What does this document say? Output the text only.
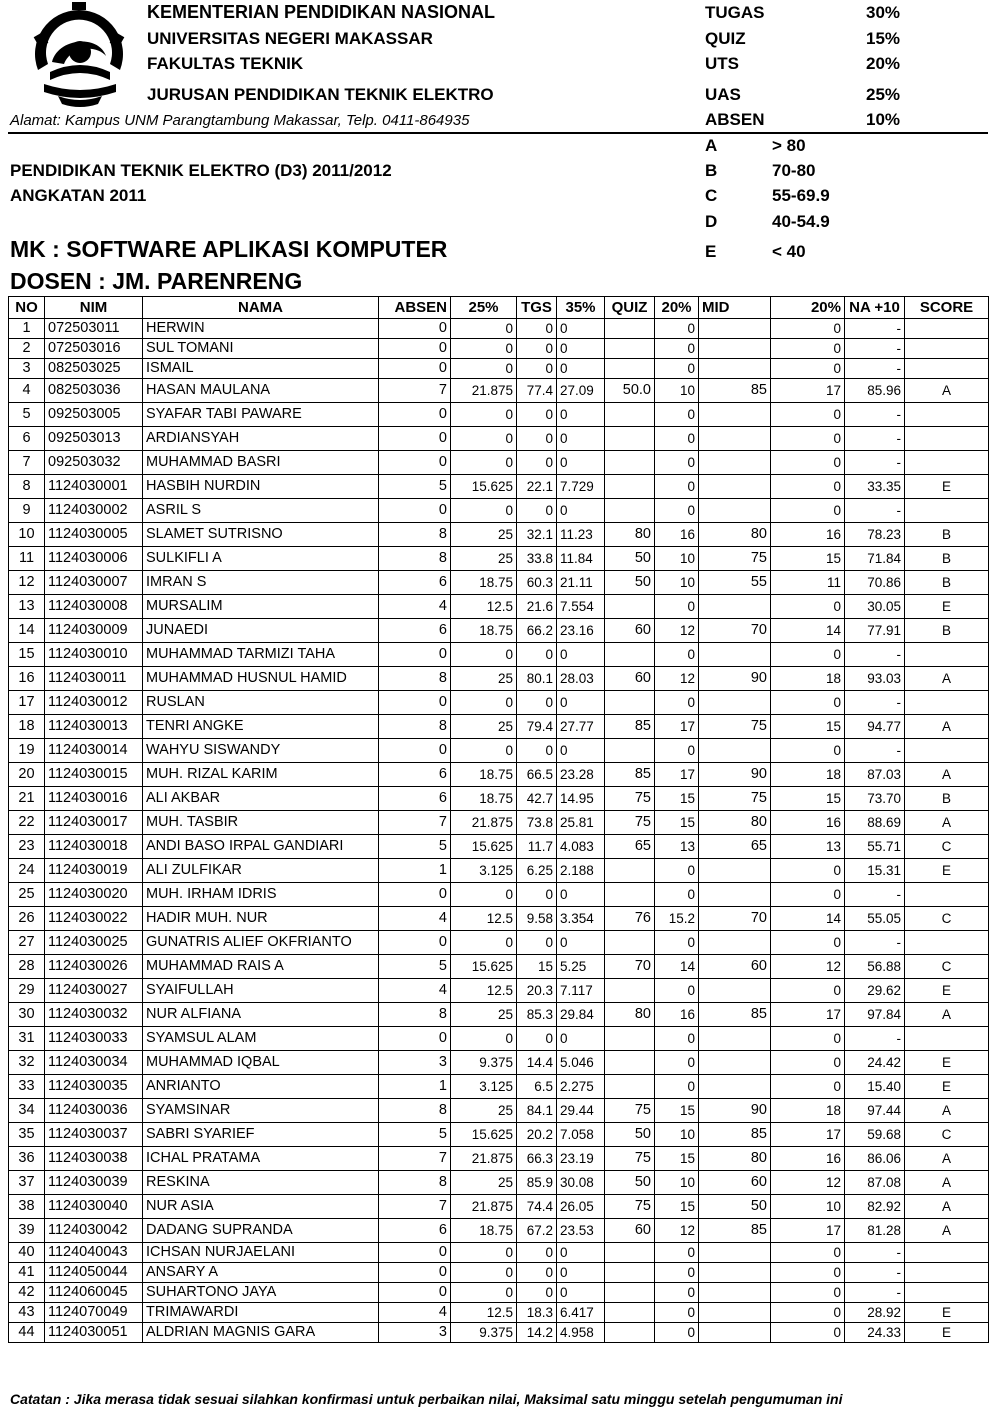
KEMENTERIAN PENDIDIKAN NASIONAL
UNIVERSITAS NEGERI MAKASSAR
FAKULTAS TEKNIK
JURUSAN PENDIDIKAN TEKNIK ELEKTRO
Alamat: Kampus UNM Parangtambung Makassar, Telp. 0411-864935
TUGAS	30%
QUIZ	15%
UTS	20%
UAS	25%
ABSEN	10%
A	> 80
B	70-80
C	55-69.9
D	40-54.9
E	< 40
PENDIDIKAN TEKNIK ELEKTRO (D3) 2011/2012
ANGKATAN 2011
MK : SOFTWARE APLIKASI KOMPUTER
DOSEN : JM. PARENRENG
NO	NIM	NAMA	ABSEN	25%	TGS	35%	QUIZ	20%	MID	20%	NA +10	SCORE
1	072503011	HERWIN	0	0	0	0		0		0	-	
2	072503016	SUL TOMANI	0	0	0	0		0		0	-	
3	082503025	ISMAIL	0	0	0	0		0		0	-	
4	082503036	HASAN MAULANA	7	21.875	77.4	27.09	50.0	10	85	17	85.96	A
5	092503005	SYAFAR TABI PAWARE	0	0	0	0		0		0	-	
6	092503013	ARDIANSYAH	0	0	0	0		0		0	-	
7	092503032	MUHAMMAD BASRI	0	0	0	0		0		0	-	
8	1124030001	HASBIH NURDIN	5	15.625	22.1	7.729		0		0	33.35	E
9	1124030002	ASRIL S	0	0	0	0		0		0	-	
10	1124030005	SLAMET SUTRISNO	8	25	32.1	11.23	80	16	80	16	78.23	B
11	1124030006	SULKIFLI A	8	25	33.8	11.84	50	10	75	15	71.84	B
12	1124030007	IMRAN S	6	18.75	60.3	21.11	50	10	55	11	70.86	B
13	1124030008	MURSALIM	4	12.5	21.6	7.554		0		0	30.05	E
14	1124030009	JUNAEDI	6	18.75	66.2	23.16	60	12	70	14	77.91	B
15	1124030010	MUHAMMAD TARMIZI TAHA	0	0	0	0		0		0	-	
16	1124030011	MUHAMMAD HUSNUL HAMID	8	25	80.1	28.03	60	12	90	18	93.03	A
17	1124030012	RUSLAN	0	0	0	0		0		0	-	
18	1124030013	TENRI ANGKE	8	25	79.4	27.77	85	17	75	15	94.77	A
19	1124030014	WAHYU SISWANDY	0	0	0	0		0		0	-	
20	1124030015	MUH. RIZAL KARIM	6	18.75	66.5	23.28	85	17	90	18	87.03	A
21	1124030016	ALI AKBAR	6	18.75	42.7	14.95	75	15	75	15	73.70	B
22	1124030017	MUH. TASBIR	7	21.875	73.8	25.81	75	15	80	16	88.69	A
23	1124030018	ANDI BASO IRPAL GANDIARI	5	15.625	11.7	4.083	65	13	65	13	55.71	C
24	1124030019	ALI ZULFIKAR	1	3.125	6.25	2.188		0		0	15.31	E
25	1124030020	MUH. IRHAM IDRIS	0	0	0	0		0		0	-	
26	1124030022	HADIR MUH. NUR	4	12.5	9.58	3.354	76	15.2	70	14	55.05	C
27	1124030025	GUNATRIS ALIEF OKFRIANTO	0	0	0	0		0		0	-	
28	1124030026	MUHAMMAD RAIS A	5	15.625	15	5.25	70	14	60	12	56.88	C
29	1124030027	SYAIFULLAH	4	12.5	20.3	7.117		0		0	29.62	E
30	1124030032	NUR ALFIANA	8	25	85.3	29.84	80	16	85	17	97.84	A
31	1124030033	SYAMSUL ALAM	0	0	0	0		0		0	-	
32	1124030034	MUHAMMAD IQBAL	3	9.375	14.4	5.046		0		0	24.42	E
33	1124030035	ANRIANTO	1	3.125	6.5	2.275		0		0	15.40	E
34	1124030036	SYAMSINAR	8	25	84.1	29.44	75	15	90	18	97.44	A
35	1124030037	SABRI SYARIEF	5	15.625	20.2	7.058	50	10	85	17	59.68	C
36	1124030038	ICHAL PRATAMA	7	21.875	66.3	23.19	75	15	80	16	86.06	A
37	1124030039	RESKINA	8	25	85.9	30.08	50	10	60	12	87.08	A
38	1124030040	NUR ASIA	7	21.875	74.4	26.05	75	15	50	10	82.92	A
39	1124030042	DADANG SUPRANDA	6	18.75	67.2	23.53	60	12	85	17	81.28	A
40	1124040043	ICHSAN NURJAELANI	0	0	0	0		0		0	-	
41	1124050044	ANSARY A	0	0	0	0		0		0	-	
42	1124060045	SUHARTONO JAYA	0	0	0	0		0		0	-	
43	1124070049	TRIMAWARDI	4	12.5	18.3	6.417		0		0	28.92	E
44	1124030051	ALDRIAN MAGNIS GARA	3	9.375	14.2	4.958		0		0	24.33	E
Catatan : Jika merasa tidak sesuai silahkan konfirmasi untuk perbaikan nilai, Maksimal satu minggu setelah pengumuman ini
